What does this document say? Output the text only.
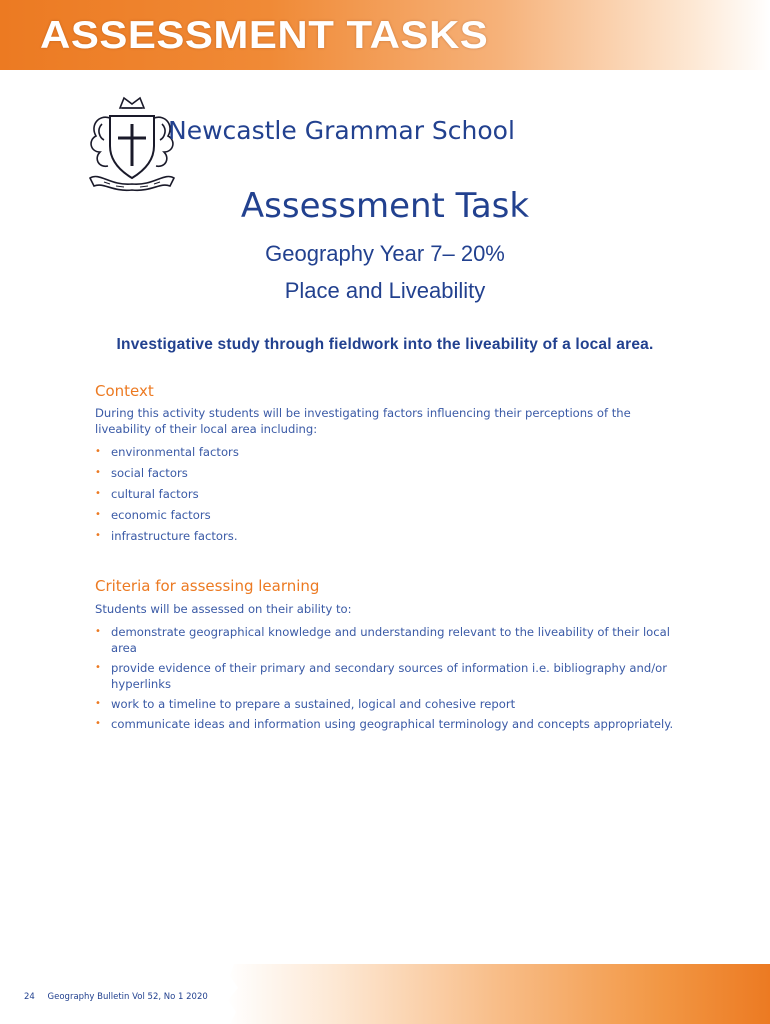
ASSESSMENT TASKS
Newcastle Grammar School
Assessment Task
Geography Year 7– 20%
Place and Liveability
Investigative study through fieldwork into the liveability of a local area.
Context
During this activity students will be investigating factors influencing their perceptions of the liveability of their local area including:
• environmental factors
• social factors
• cultural factors
• economic factors
• infrastructure factors.
Criteria for assessing learning
Students will be assessed on their ability to:
• demonstrate geographical knowledge and understanding relevant to the liveability of their local area
• provide evidence of their primary and secondary sources of information i.e. bibliography and/or hyperlinks
• work to a timeline to prepare a sustained, logical and cohesive report
• communicate ideas and information using geographical terminology and concepts appropriately.
24 Geography Bulletin Vol 52, No 1 2020
